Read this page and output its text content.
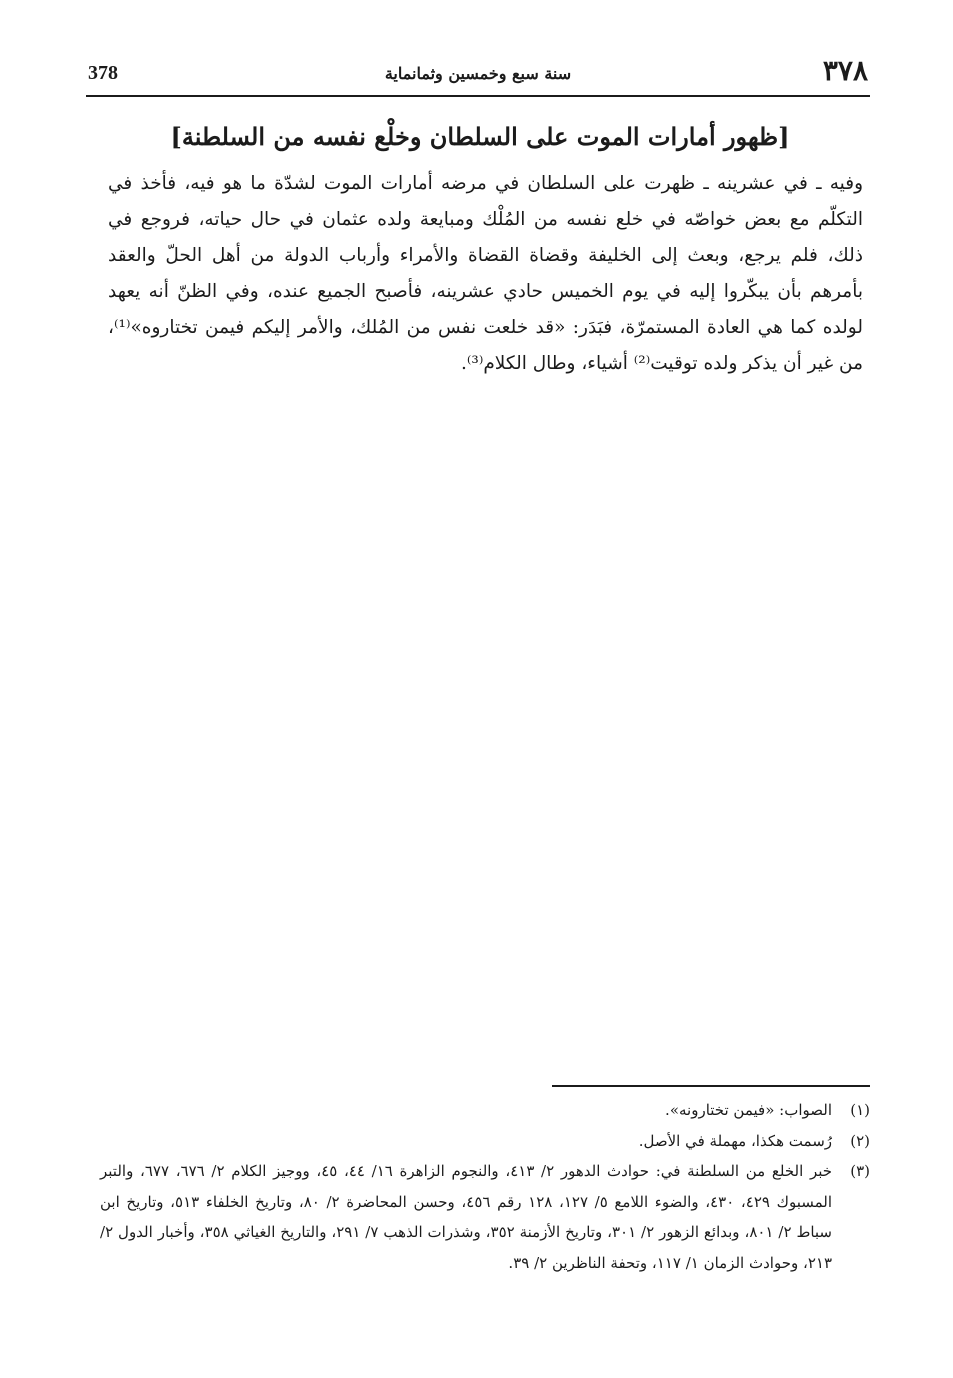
378	سنة سبع وخمسين وثمانماية	٣٧٨
[ظهور أمارات الموت على السلطان وخلْع نفسه من السلطنة]

وفيه ـ في عشرينه ـ ظهرت على السلطان في مرضه أمارات الموت لشدّة ما هو فيه، فأخذ في التكلّم مع بعض خواصّه في خلع نفسه من المُلْك ومبايعة ولده عثمان في حال حياته، فروجع في ذلك، فلم يرجع، وبعث إلى الخليفة وقضاة القضاة والأمراء وأرباب الدولة من أهل الحلّ والعقد بأمرهم بأن يبكّروا إليه في يوم الخميس حادي عشرينه، فأصبح الجميع عنده، وفي الظنّ أنه يعهد لولده كما هي العادة المستمرّة، فبَدَر: «قد خلعت نفس من المُلك، والأمر إليكم فيمن تختاروه»⁽¹⁾، من غير أن يذكر ولده توقيت⁽²⁾ أشياء، وطال الكلام⁽³⁾.

(١)
الصواب: «فيمن تختارونه».
(٢)
رُسمت هكذا، مهملة في الأصل.
(٣)
خبر الخلع من السلطنة في: حوادث الدهور ٢/ ٤١٣، والنجوم الزاهرة ١٦/ ٤٤، ٤٥، ووجيز الكلام ٢/ ٦٧٦، ٦٧٧، والتبر المسبوك ٤٢٩، ٤٣٠، والضوء اللامع ٥/ ١٢٧، ١٢٨ رقم ٤٥٦، وحسن المحاضرة ٢/ ٨٠، وتاريخ الخلفاء ٥١٣، وتاريخ ابن سباط ٢/ ٨٠١، وبدائع الزهور ٢/ ٣٠١، وتاريخ الأزمنة ٣٥٢، وشذرات الذهب ٧/ ٢٩١، والتاريخ الغياثي ٣٥٨، وأخبار الدول ٢/ ٢١٣، وحوادث الزمان ١/ ١١٧، وتحفة الناظرين ٢/ ٣٩.
